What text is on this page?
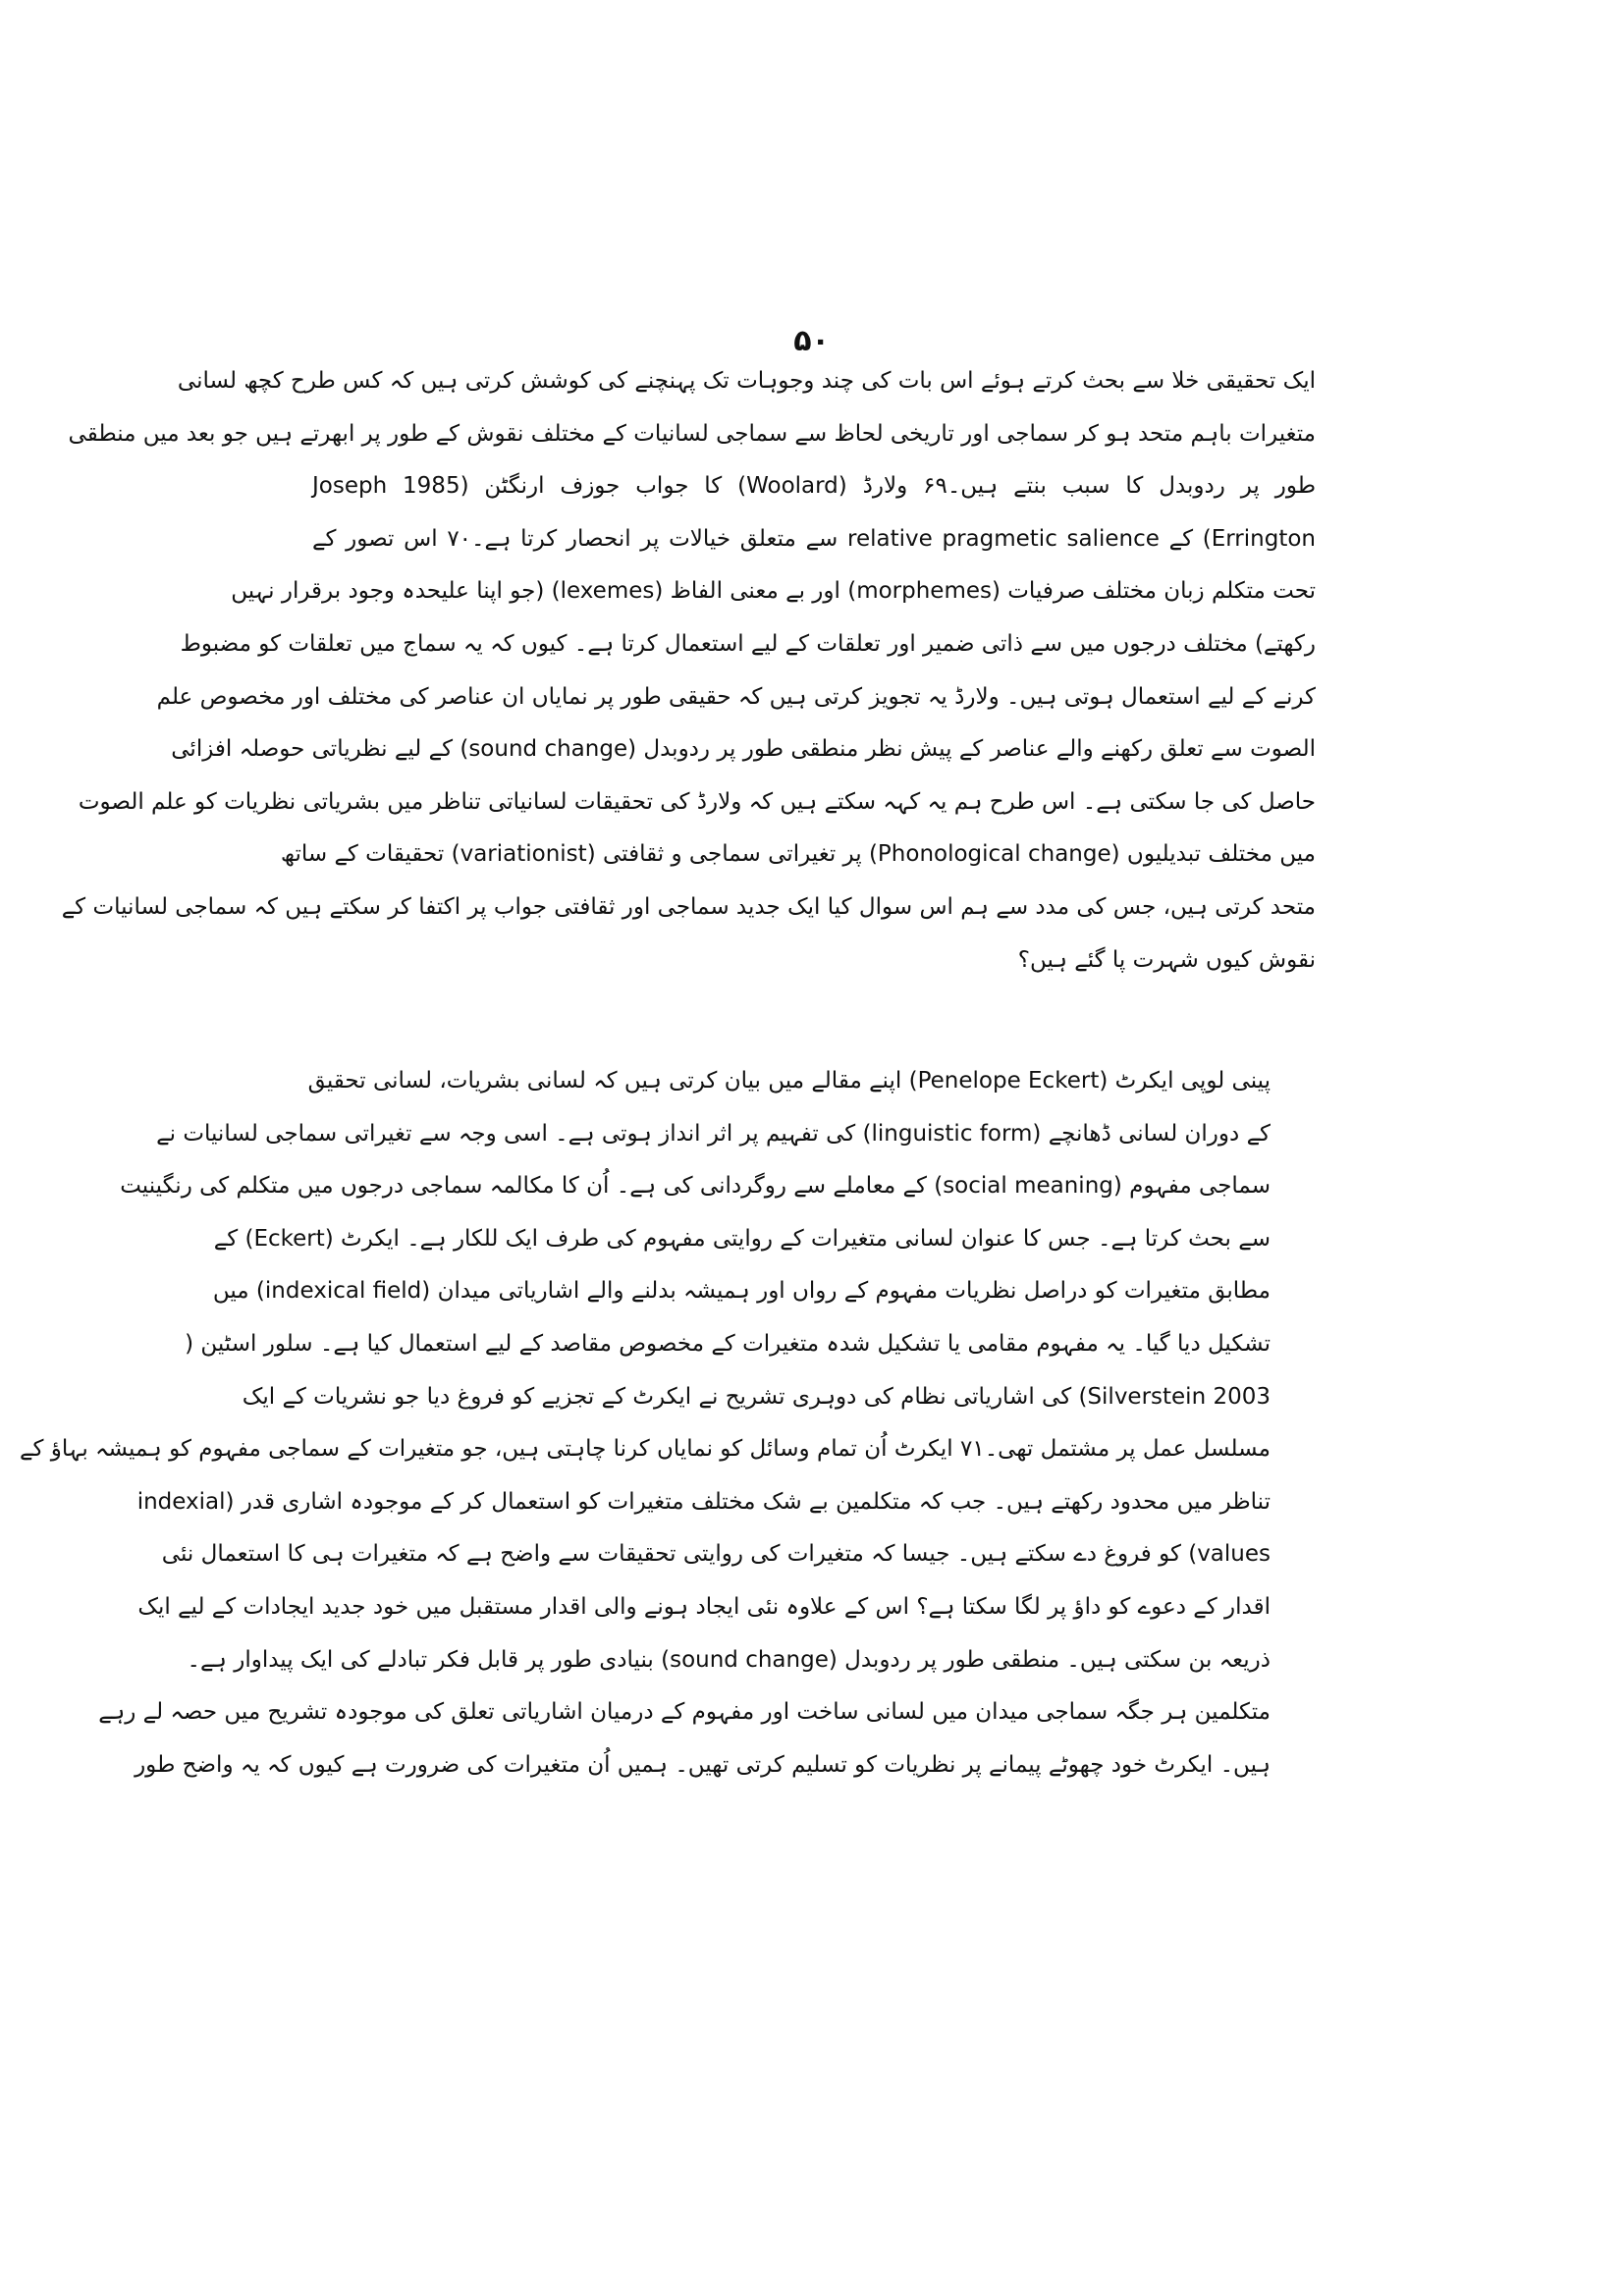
۵۰
ایک تحقیقی خلا سے بحث کرتے ہوئے اس بات کی چند وجوہات تک پہنچنے کی کوشش کرتی ہیں کہ کس طرح کچھ لسانی
متغیرات باہم متحد ہو کر سماجی اور تاریخی لحاظ سے سماجی لسانیات کے مختلف نقوش کے طور پر ابھرتے ہیں جو بعد میں منطقی
طور پر ردوبدل کا سبب بنتے ہیں۔۶۹ ولارڈ (Woolard) کا جواب جوزف ارنگٹن (Joseph 1985
Errington) کے relative pragmetic salience سے متعلق خیالات پر انحصار کرتا ہے۔۷۰ اس تصور کے
تحت متکلم زبان مختلف صرفیات (morphemes) اور بے معنی الفاظ (lexemes) (جو اپنا علیحدہ وجود برقرار نہیں
رکھتے) مختلف درجوں میں سے ذاتی ضمیر اور تعلقات کے لیے استعمال کرتا ہے۔ کیوں کہ یہ سماج میں تعلقات کو مضبوط
کرنے کے لیے استعمال ہوتی ہیں۔ ولارڈ یہ تجویز کرتی ہیں کہ حقیقی طور پر نمایاں ان عناصر کی مختلف اور مخصوص علم
الصوت سے تعلق رکھنے والے عناصر کے پیش نظر منطقی طور پر ردوبدل (sound change) کے لیے نظریاتی حوصلہ افزائی
حاصل کی جا سکتی ہے۔ اس طرح ہم یہ کہہ سکتے ہیں کہ ولارڈ کی تحقیقات لسانیاتی تناظر میں بشریاتی نظریات کو علم الصوت
میں مختلف تبدیلیوں (Phonological change) پر تغیراتی سماجی و ثقافتی (variationist) تحقیقات کے ساتھ
متحد کرتی ہیں، جس کی مدد سے ہم اس سوال کیا ایک جدید سماجی اور ثقافتی جواب پر اکتفا کر سکتے ہیں کہ سماجی لسانیات کے
نقوش کیوں شہرت پا گئے ہیں؟
پینی لوپی ایکرٹ (Penelope Eckert) اپنے مقالے میں بیان کرتی ہیں کہ لسانی بشریات، لسانی تحقیق
کے دوران لسانی ڈھانچے (linguistic form) کی تفہیم پر اثر انداز ہوتی ہے۔ اسی وجہ سے تغیراتی سماجی لسانیات نے
سماجی مفہوم (social meaning) کے معاملے سے روگردانی کی ہے۔ اُن کا مکالمہ سماجی درجوں میں متکلم کی رنگینیت
سے بحث کرتا ہے۔ جس کا عنوان لسانی متغیرات کے روایتی مفہوم کی طرف ایک للکار ہے۔ ایکرٹ (Eckert) کے
مطابق متغیرات کو دراصل نظریات مفہوم کے رواں اور ہمیشہ بدلنے والے اشاریاتی میدان (indexical field) میں
تشکیل دیا گیا۔ یہ مفہوم مقامی یا تشکیل شدہ متغیرات کے مخصوص مقاصد کے لیے استعمال کیا ہے۔ سلور اسٹین (
Silverstein 2003) کی اشاریاتی نظام کی دوہری تشریح نے ایکرٹ کے تجزیے کو فروغ دیا جو نشریات کے ایک
مسلسل عمل پر مشتمل تھی۔۷۱ ایکرٹ اُن تمام وسائل کو نمایاں کرنا چاہتی ہیں، جو متغیرات کے سماجی مفہوم کو ہمیشہ بہاؤ کے
تناظر میں محدود رکھتے ہیں۔ جب کہ متکلمین بے شک مختلف متغیرات کو استعمال کر کے موجودہ اشاری قدر (indexial
values) کو فروغ دے سکتے ہیں۔ جیسا کہ متغیرات کی روایتی تحقیقات سے واضح ہے کہ متغیرات ہی کا استعمال نئی
اقدار کے دعوے کو داؤ پر لگا سکتا ہے؟ اس کے علاوہ نئی ایجاد ہونے والی اقدار مستقبل میں خود جدید ایجادات کے لیے ایک
ذریعہ بن سکتی ہیں۔ منطقی طور پر ردوبدل (sound change) بنیادی طور پر قابل فکر تبادلے کی ایک پیداوار ہے۔
متکلمین ہر جگہ سماجی میدان میں لسانی ساخت اور مفہوم کے درمیان اشاریاتی تعلق کی موجودہ تشریح میں حصہ لے رہے
ہیں۔ ایکرٹ خود چھوٹے پیمانے پر نظریات کو تسلیم کرتی تھیں۔ ہمیں اُن متغیرات کی ضرورت ہے کیوں کہ یہ واضح طور
